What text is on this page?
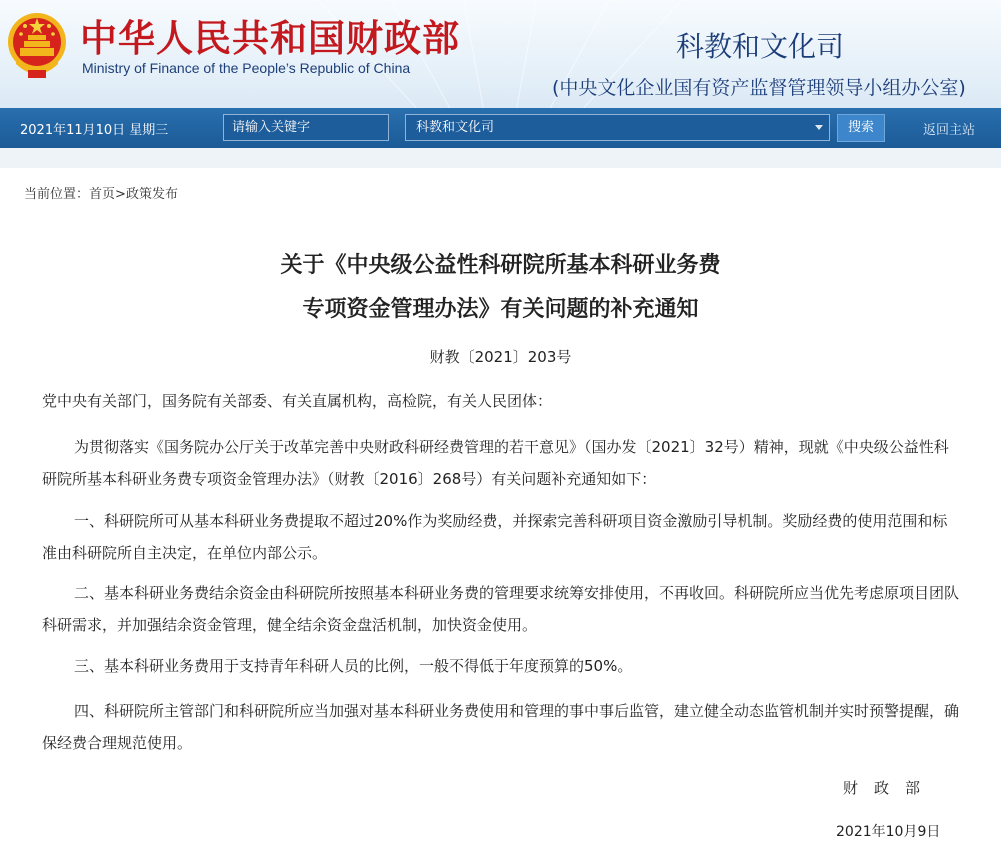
中华人民共和国财政部
Ministry of Finance of the People’s Republic of China
科教和文化司
(中央文化企业国有资产监督管理领导小组办公室)
2021年11月10日 星期三	请输入关键字	科教和文化司	搜索	返回主站
当前位置：首页>政策发布
关于《中央级公益性科研院所基本科研业务费
专项资金管理办法》有关问题的补充通知
财教〔2021〕203号
党中央有关部门，国务院有关部委、有关直属机构，高检院，有关人民团体：
为贯彻落实《国务院办公厅关于改革完善中央财政科研经费管理的若干意见》（国办发〔2021〕32号）精神，现就《中央级公益性科研院所基本科研业务费专项资金管理办法》（财教〔2016〕268号）有关问题补充通知如下：
一、科研院所可从基本科研业务费提取不超过20%作为奖励经费，并探索完善科研项目资金激励引导机制。奖励经费的使用范围和标准由科研院所自主决定，在单位内部公示。
二、基本科研业务费结余资金由科研院所按照基本科研业务费的管理要求统筹安排使用，不再收回。科研院所应当优先考虑原项目团队科研需求，并加强结余资金管理，健全结余资金盘活机制，加快资金使用。
三、基本科研业务费用于支持青年科研人员的比例，一般不得低于年度预算的50%。
四、科研院所主管部门和科研院所应当加强对基本科研业务费使用和管理的事中事后监管，建立健全动态监管机制并实时预警提醒，确保经费合理规范使用。
财政部
2021年10月9日
